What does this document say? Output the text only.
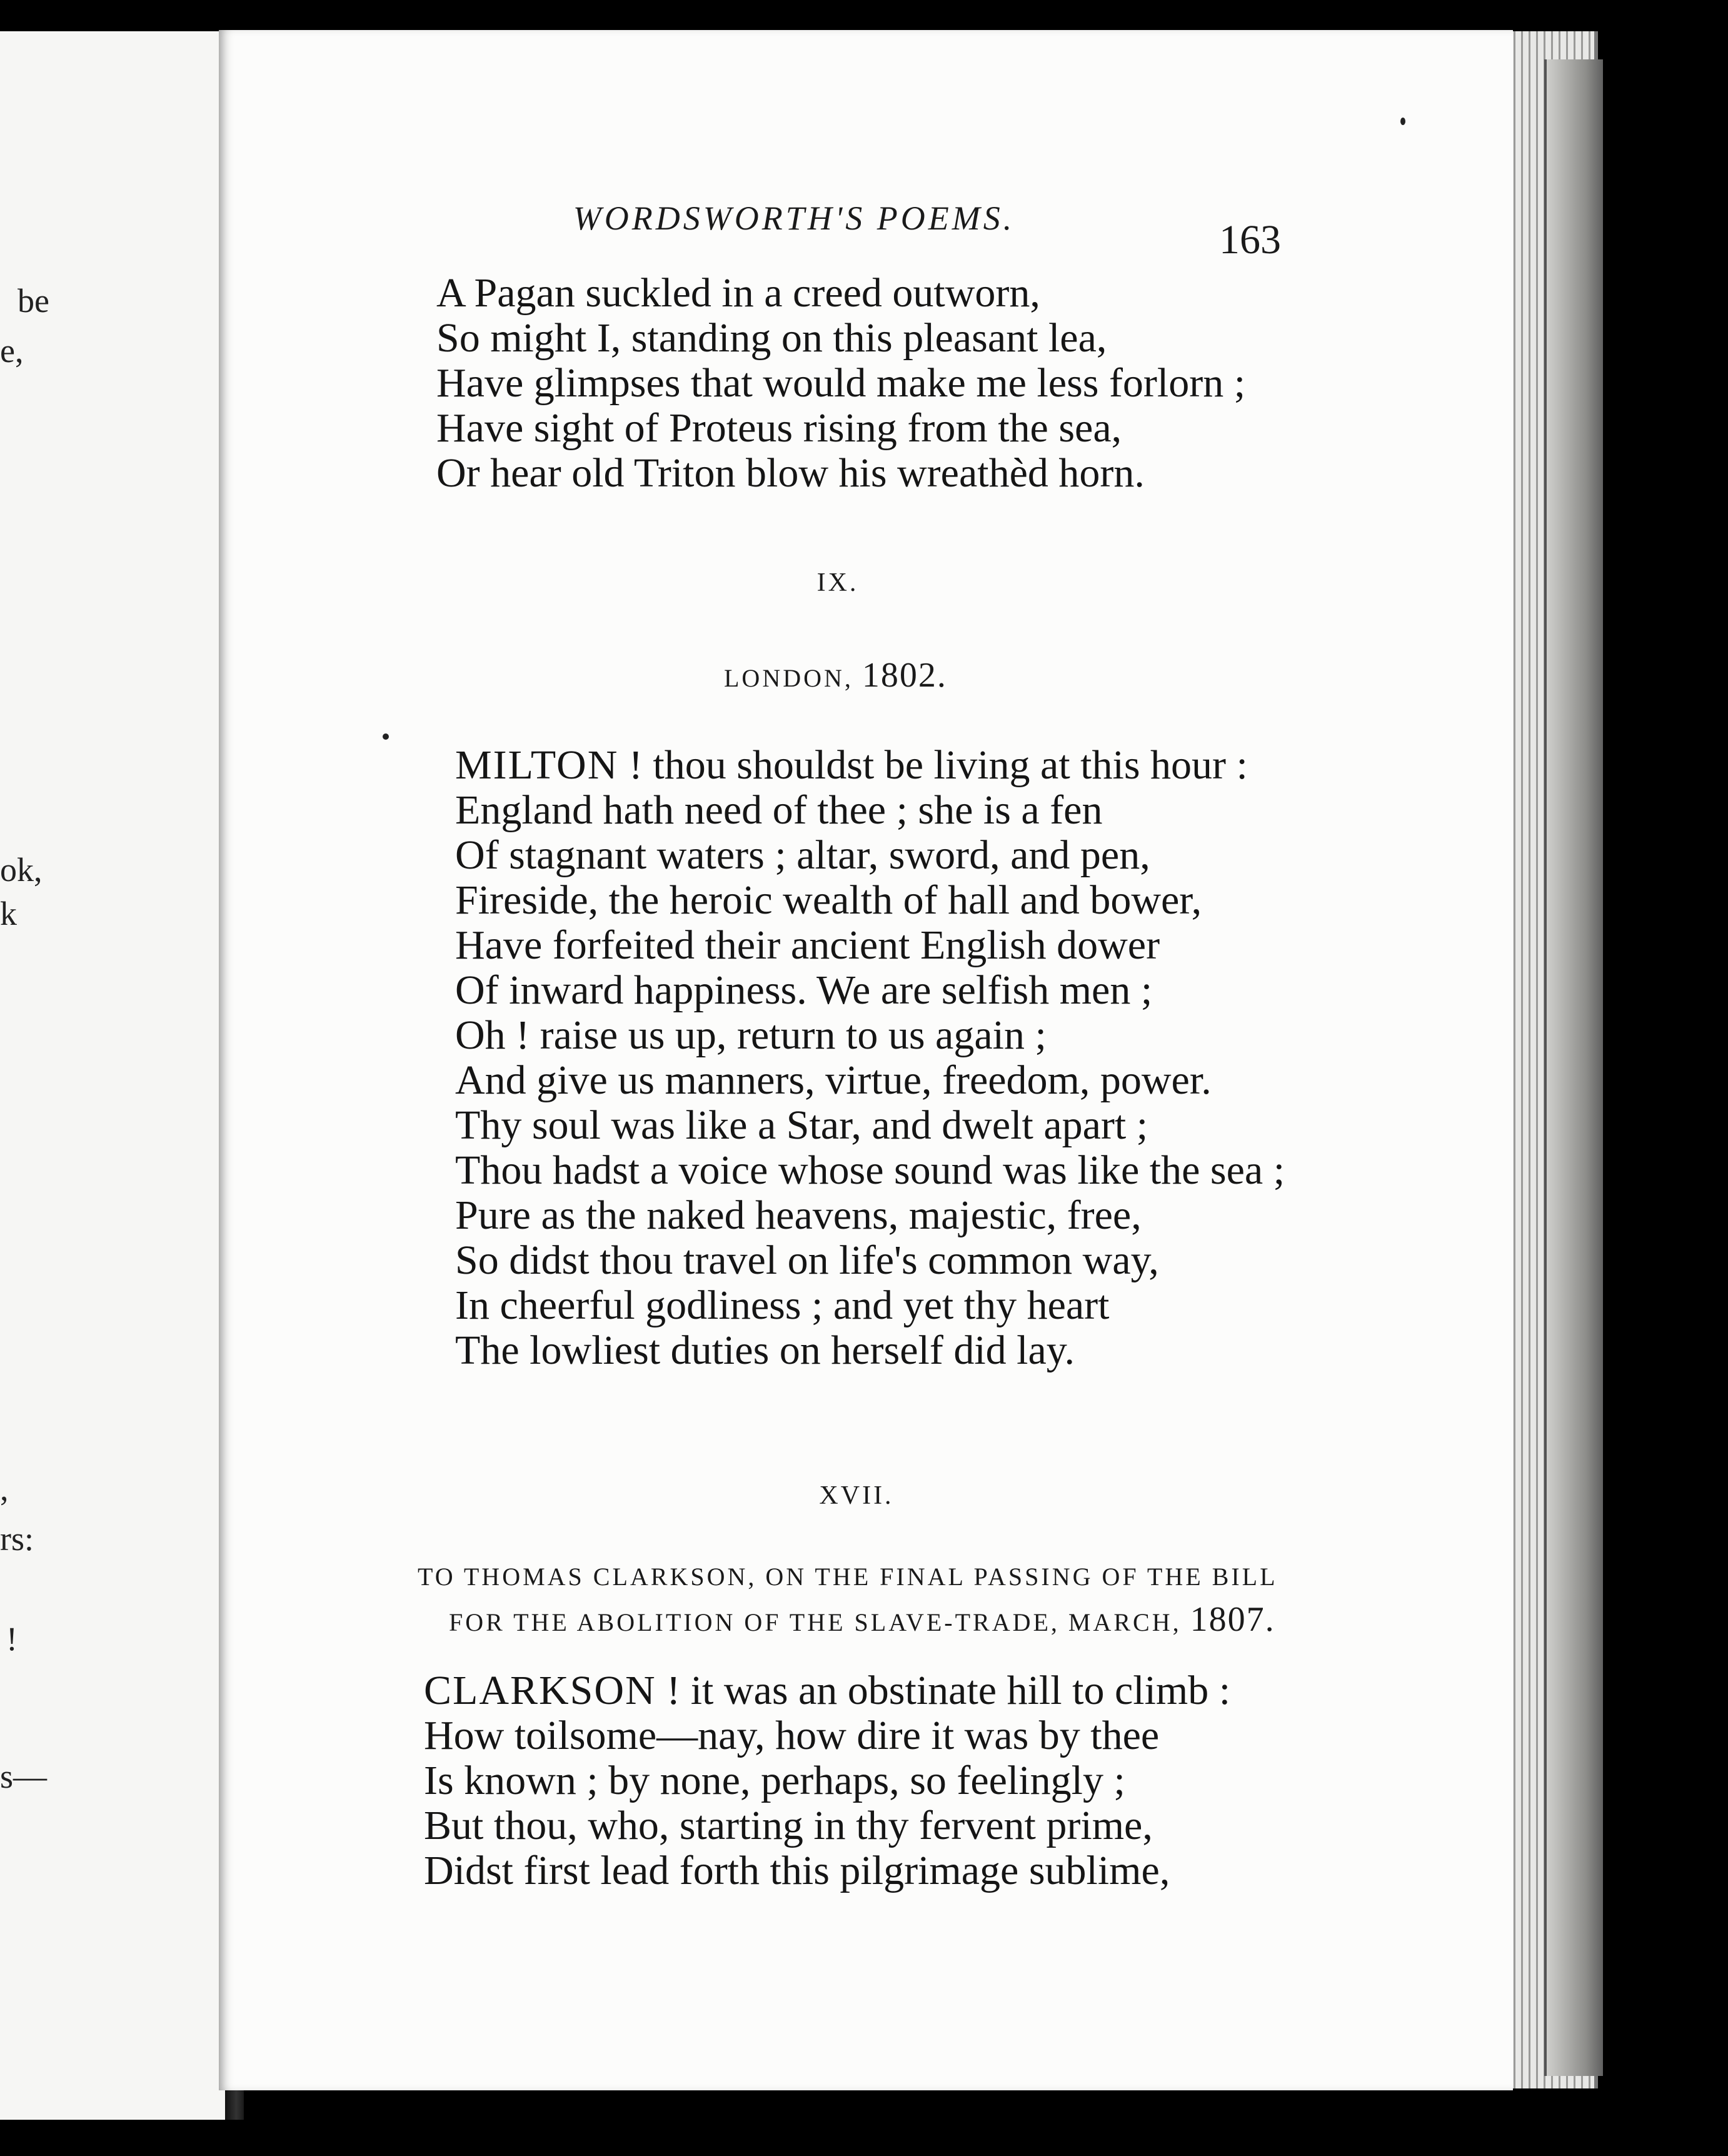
be
e,
ok,
k
,
rs:
!
s—
WORDSWORTH'S POEMS.	163
A Pagan suckled in a creed outworn,
So might I, standing on this pleasant lea,
Have glimpses that would make me less forlorn ;
Have sight of Proteus rising from the sea,
Or hear old Triton blow his wreathèd horn.
IX.
LONDON, 1802.
MILTON ! thou shouldst be living at this hour :
England hath need of thee ; she is a fen
Of stagnant waters ; altar, sword, and pen,
Fireside, the heroic wealth of hall and bower,
Have forfeited their ancient English dower
Of inward happiness. We are selfish men ;
Oh ! raise us up, return to us again ;
And give us manners, virtue, freedom, power.
Thy soul was like a Star, and dwelt apart ;
Thou hadst a voice whose sound was like the sea ;
Pure as the naked heavens, majestic, free,
So didst thou travel on life's common way,
In cheerful godliness ; and yet thy heart
The lowliest duties on herself did lay.
XVII.
TO THOMAS CLARKSON, ON THE FINAL PASSING OF THE BILL
FOR THE ABOLITION OF THE SLAVE-TRADE, MARCH, 1807.
CLARKSON ! it was an obstinate hill to climb :
How toilsome—nay, how dire it was by thee
Is known ; by none, perhaps, so feelingly ;
But thou, who, starting in thy fervent prime,
Didst first lead forth this pilgrimage sublime,
